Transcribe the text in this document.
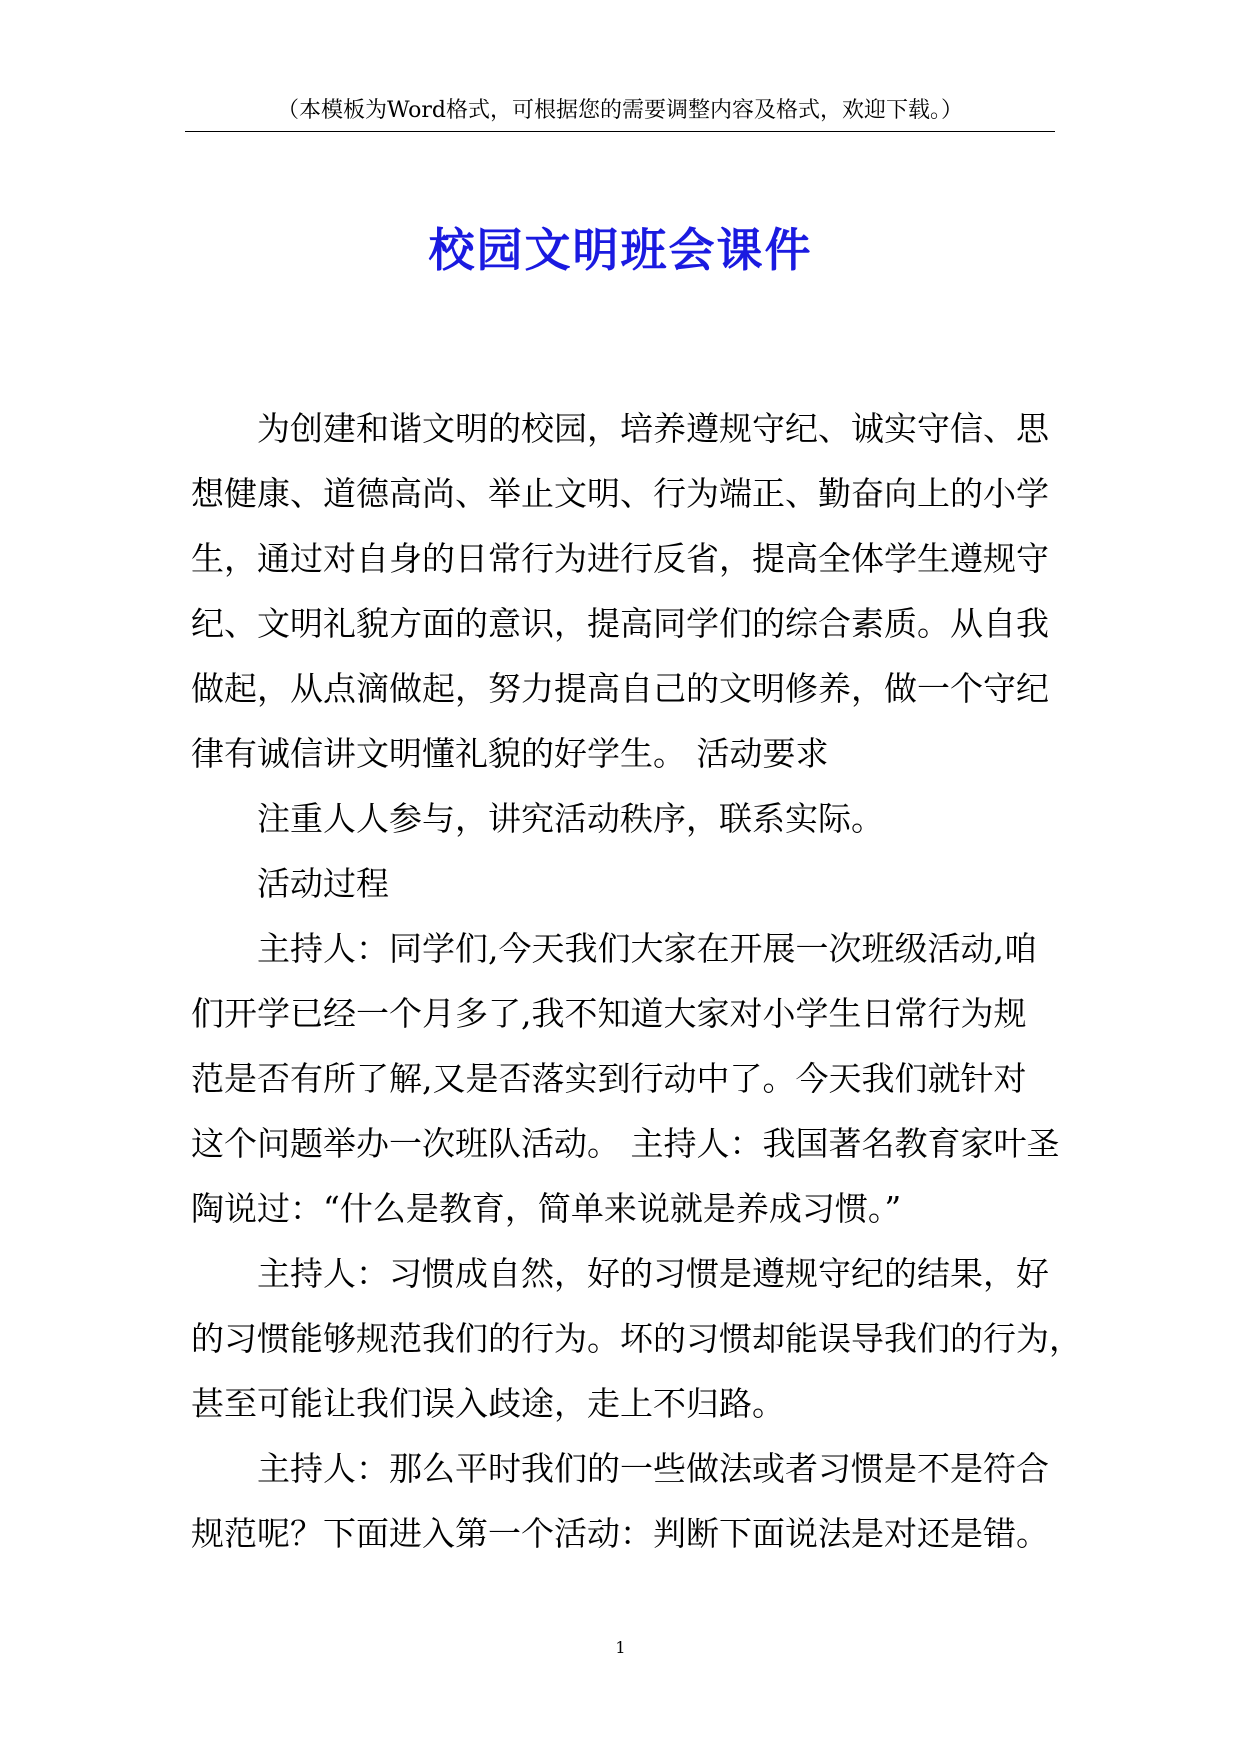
（本模板为Word格式，可根据您的需要调整内容及格式，欢迎下载。）
校园文明班会课件
为创建和谐文明的校园，培养遵规守纪、诚实守信、思
想健康、道德高尚、举止文明、行为端正、勤奋向上的小学
生，通过对自身的日常行为进行反省，提高全体学生遵规守
纪、文明礼貌方面的意识，提高同学们的综合素质。从自我
做起，从点滴做起，努力提高自己的文明修养，做一个守纪
律有诚信讲文明懂礼貌的好学生。 活动要求
注重人人参与，讲究活动秩序，联系实际。
活动过程
主持人：同学们,今天我们大家在开展一次班级活动,咱
们开学已经一个月多了,我不知道大家对小学生日常行为规
范是否有所了解,又是否落实到行动中了。今天我们就针对
这个问题举办一次班队活动。 主持人：我国著名教育家叶圣
陶说过：“什么是教育，简单来说就是养成习惯。”
主持人：习惯成自然，好的习惯是遵规守纪的结果，好
的习惯能够规范我们的行为。坏的习惯却能误导我们的行为，
甚至可能让我们误入歧途，走上不归路。
主持人：那么平时我们的一些做法或者习惯是不是符合
规范呢？下面进入第一个活动：判断下面说法是对还是错。
1
